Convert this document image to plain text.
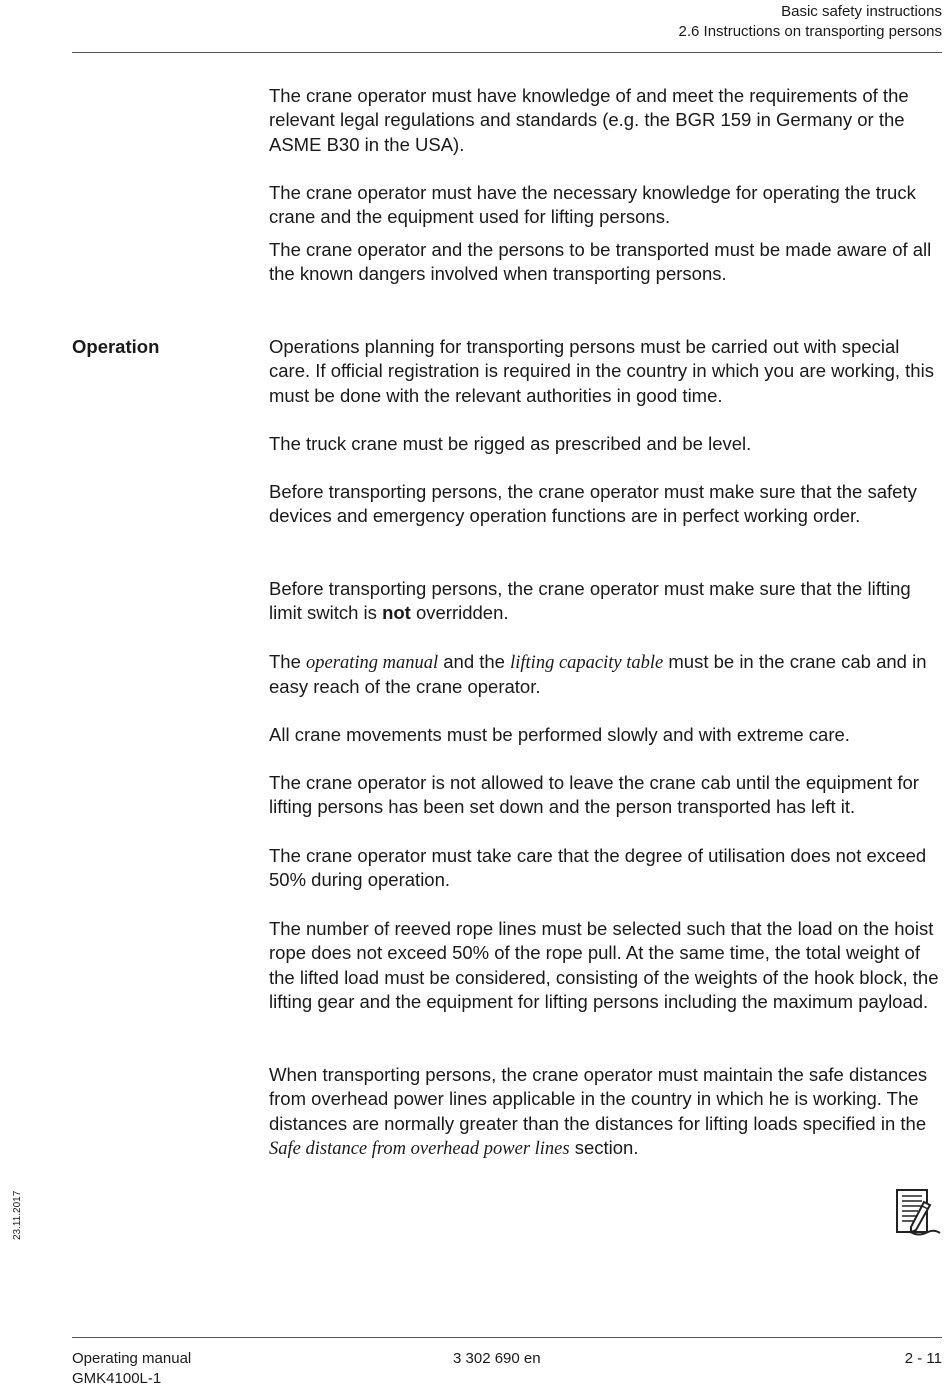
Basic safety instructions
2.6 Instructions on transporting persons

The crane operator must have knowledge of and meet the requirements of the relevant legal regulations and standards (e.g. the BGR 159 in Germany or the ASME B30 in the USA).

The crane operator must have the necessary knowledge for operating the truck crane and the equipment used for lifting persons.

The crane operator and the persons to be transported must be made aware of all the known dangers involved when transporting persons.

Operation	Operations planning for transporting persons must be carried out with special care. If official registration is required in the country in which you are working, this must be done with the relevant authorities in good time.

The truck crane must be rigged as prescribed and be level.

Before transporting persons, the crane operator must make sure that the safety devices and emergency operation functions are in perfect working order.

Before transporting persons, the crane operator must make sure that the lifting limit switch is not overridden.

The operating manual and the lifting capacity table must be in the crane cab and in easy reach of the crane operator.

All crane movements must be performed slowly and with extreme care.

The crane operator is not allowed to leave the crane cab until the equipment for lifting persons has been set down and the person transported has left it.

The crane operator must take care that the degree of utilisation does not exceed 50% during operation.

The number of reeved rope lines must be selected such that the load on the hoist rope does not exceed 50% of the rope pull. At the same time, the total weight of the lifted load must be considered, consisting of the weights of the hook block, the lifting gear and the equipment for lifting persons including the maximum payload.

When transporting persons, the crane operator must maintain the safe distances from overhead power lines applicable in the country in which he is working. The distances are normally greater than the distances for lifting loads specified in the Safe distance from overhead power lines section.

23.11.2017
Operating manual
GMK4100L-1
3 302 690 en	2 - 11
